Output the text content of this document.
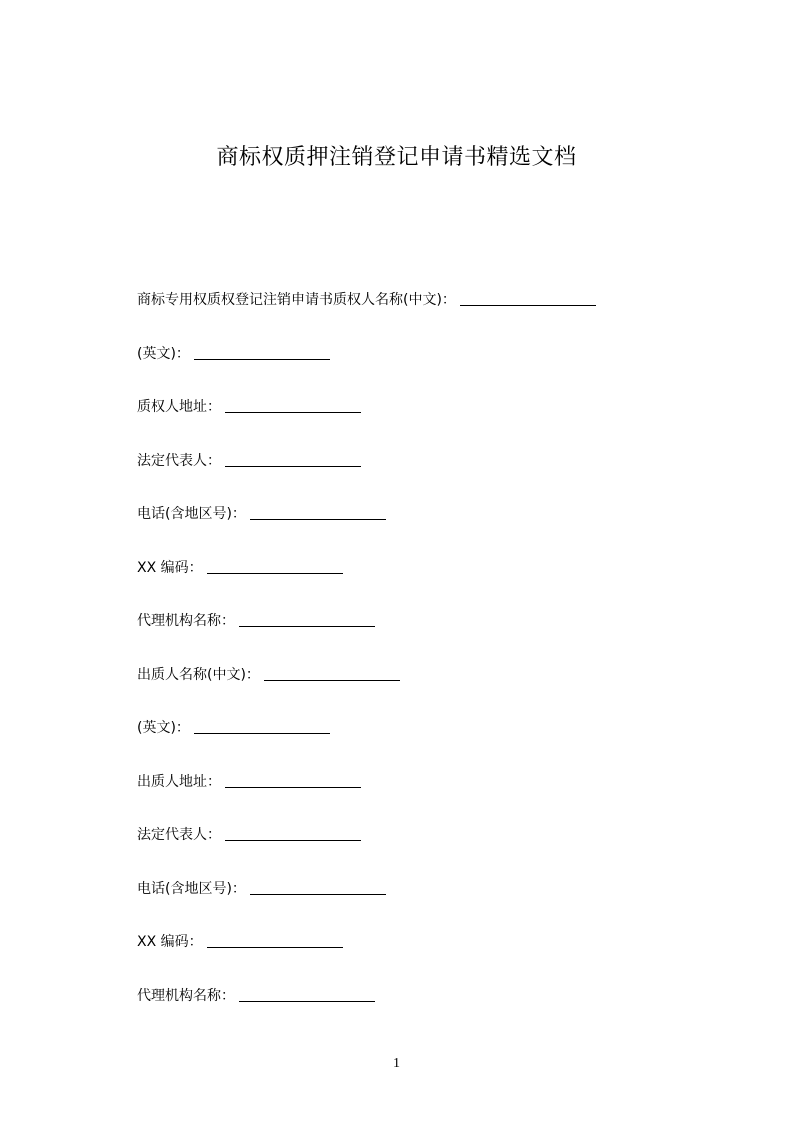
商标权质押注销登记申请书精选文档
商标专用权质权登记注销申请书质权人名称(中文)：
(英文)：
质权人地址：
法定代表人：
电话(含地区号)：
XX 编码：
代理机构名称：
出质人名称(中文)：
(英文)：
出质人地址：
法定代表人：
电话(含地区号)：
XX 编码：
代理机构名称：
1
